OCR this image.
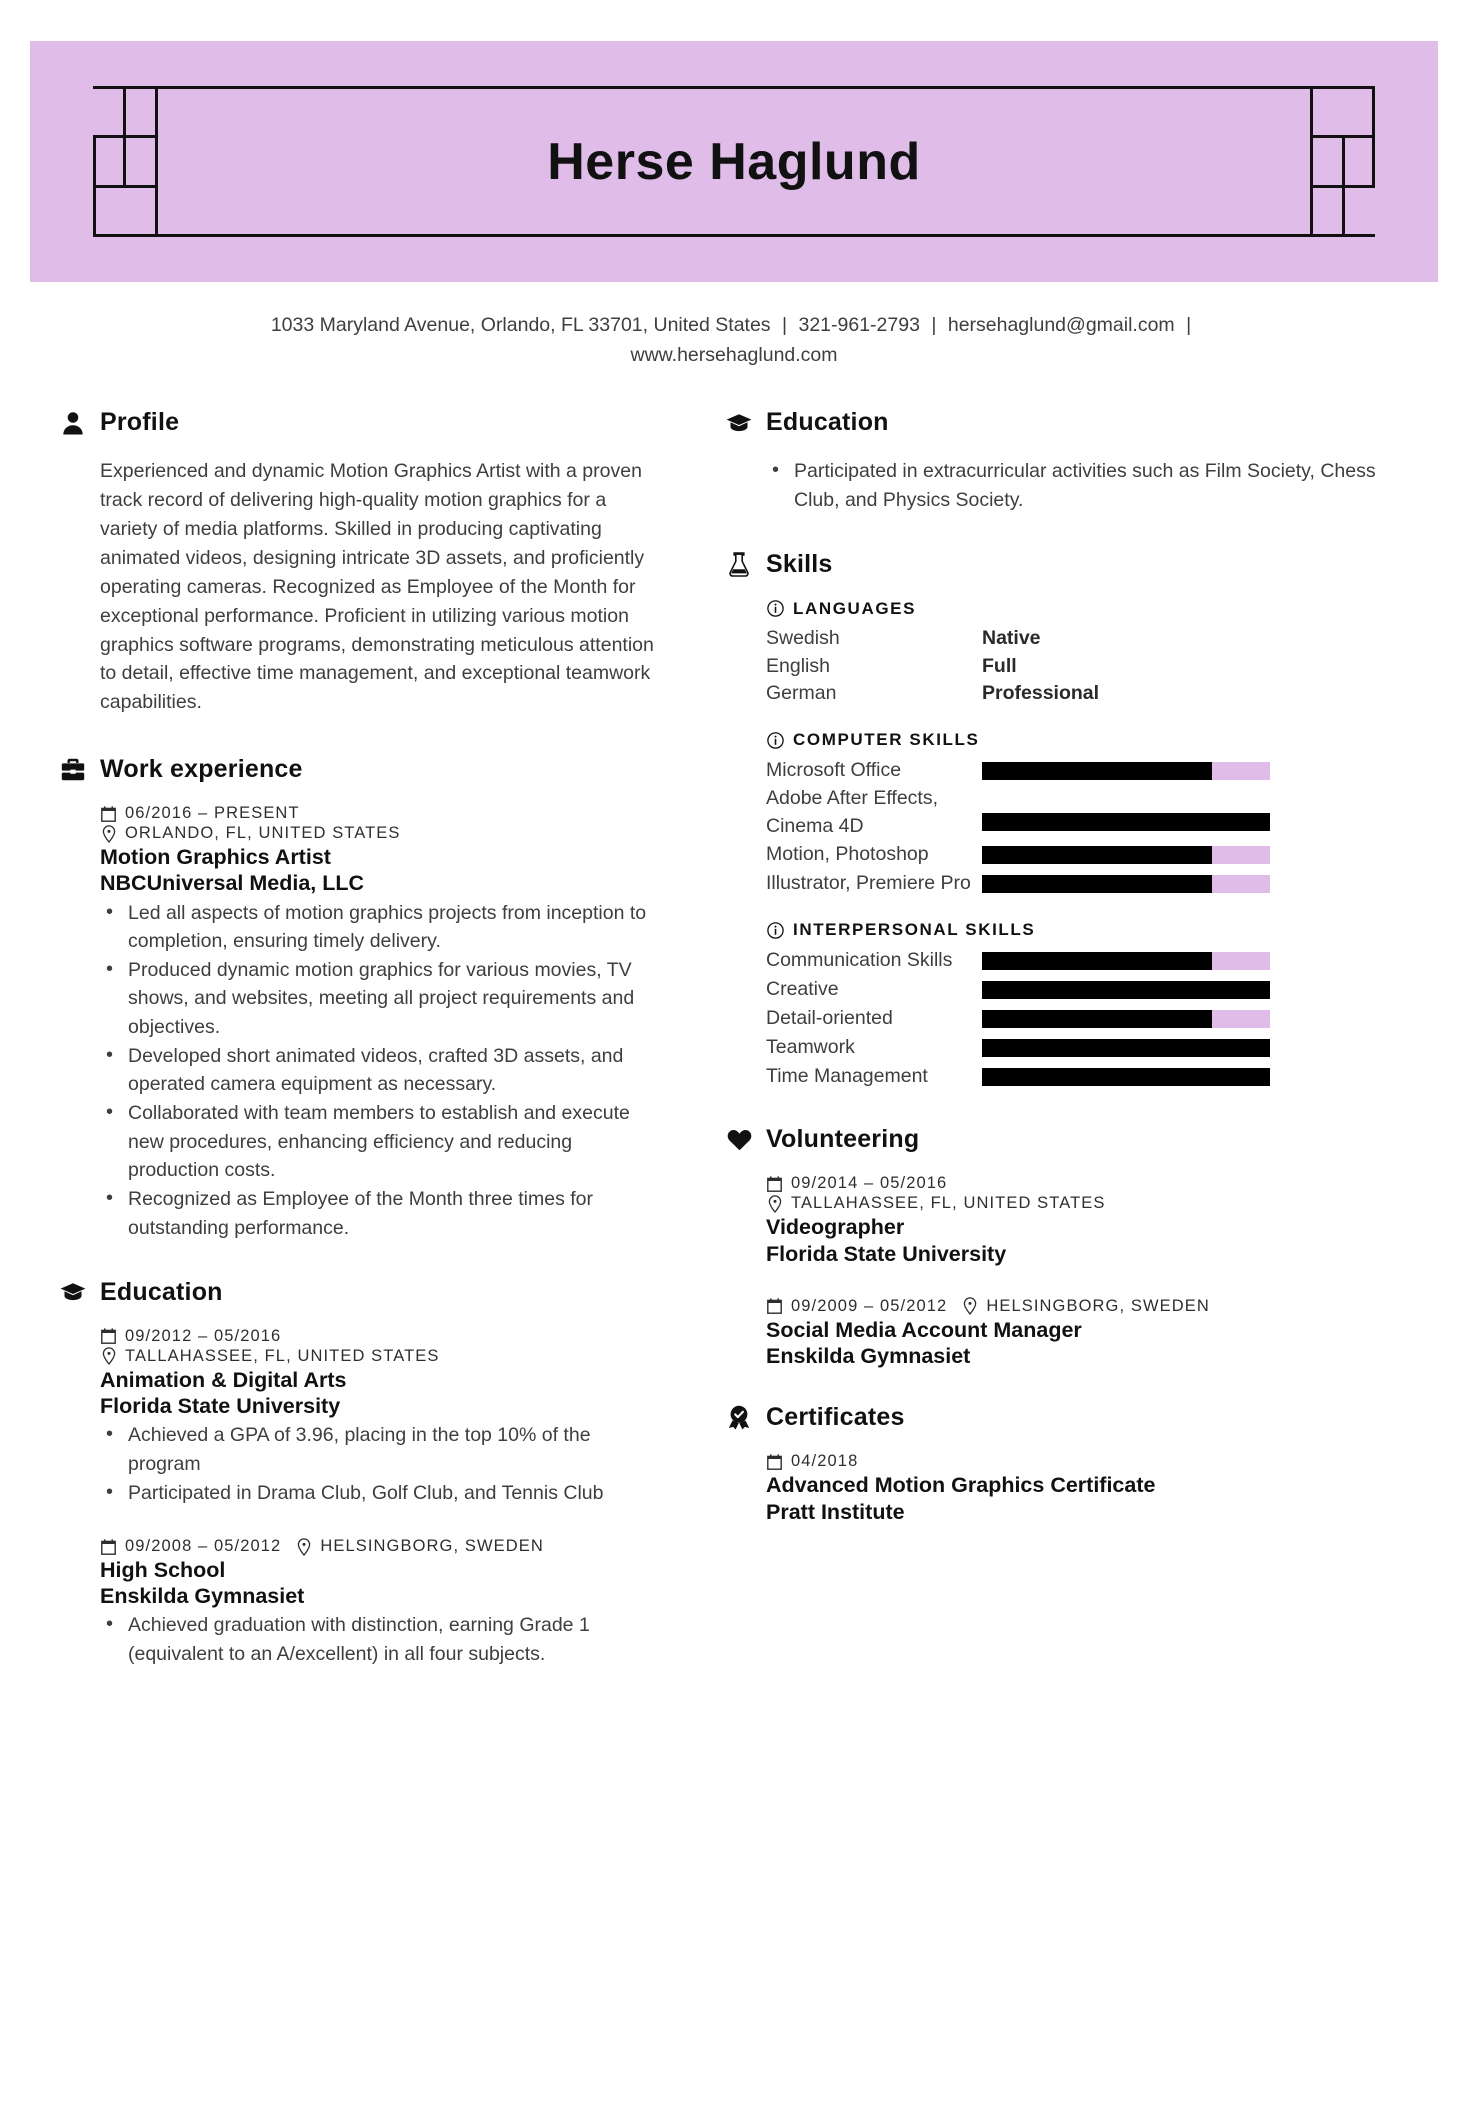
Herse Haglund
1033 Maryland Avenue, Orlando, FL 33701, United States | 321-961-2793 | hersehaglund@gmail.com | www.hersehaglund.com
Profile

Experienced and dynamic Motion Graphics Artist with a proven track record of delivering high-quality motion graphics for a variety of media platforms. Skilled in producing captivating animated videos, designing intricate 3D assets, and proficiently operating cameras. Recognized as Employee of the Month for exceptional performance. Proficient in utilizing various motion graphics software programs, demonstrating meticulous attention to detail, effective time management, and exceptional teamwork capabilities.

Work experience
06/2016 – PRESENT
ORLANDO, FL, UNITED STATES
Motion Graphics Artist
NBCUniversal Media, LLC
• Led all aspects of motion graphics projects from inception to completion, ensuring timely delivery.
• Produced dynamic motion graphics for various movies, TV shows, and websites, meeting all project requirements and objectives.
• Developed short animated videos, crafted 3D assets, and operated camera equipment as necessary.
• Collaborated with team members to establish and execute new procedures, enhancing efficiency and reducing production costs.
• Recognized as Employee of the Month three times for outstanding performance.
Education
09/2012 – 05/2016
TALLAHASSEE, FL, UNITED STATES
Animation & Digital Arts
Florida State University
• Achieved a GPA of 3.96, placing in the top 10% of the program
• Participated in Drama Club, Golf Club, and Tennis Club
09/2008 – 05/2012 HELSINGBORG, SWEDEN
High School
Enskilda Gymnasiet
• Achieved graduation with distinction, earning Grade 1 (equivalent to an A/excellent) in all four subjects.
Education
• Participated in extracurricular activities such as Film Society, Chess Club, and Physics Society.
Skills
LANGUAGES
Swedish	Native
English	Full
German	Professional
COMPUTER SKILLS
Microsoft Office
Adobe After Effects,
Cinema 4D
Motion, Photoshop
Illustrator, Premiere Pro
INTERPERSONAL SKILLS
Communication Skills
Creative
Detail-oriented
Teamwork
Time Management
Volunteering
09/2014 – 05/2016
TALLAHASSEE, FL, UNITED STATES
Videographer
Florida State University
09/2009 – 05/2012 HELSINGBORG, SWEDEN
Social Media Account Manager
Enskilda Gymnasiet
Certificates
04/2018
Advanced Motion Graphics Certificate
Pratt Institute
